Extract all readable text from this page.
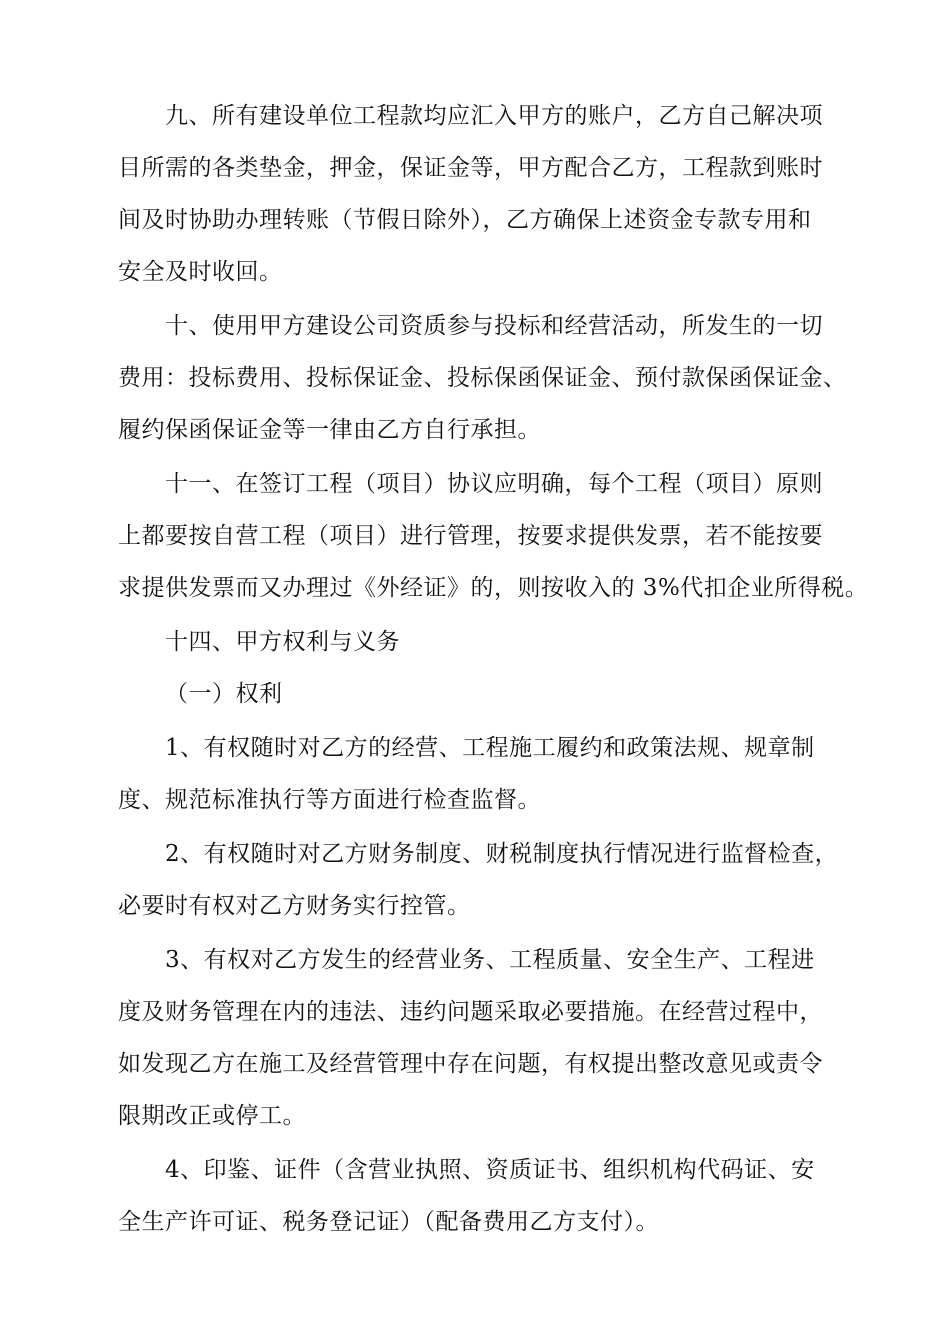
九、所有建设单位工程款均应汇入甲方的账户，乙方自己解决项
目所需的各类垫金，押金，保证金等，甲方配合乙方，工程款到账时
间及时协助办理转账（节假日除外），乙方确保上述资金专款专用和
安全及时收回。
十、使用甲方建设公司资质参与投标和经营活动，所发生的一切
费用：投标费用、投标保证金、投标保函保证金、预付款保函保证金、
履约保函保证金等一律由乙方自行承担。
十一、在签订工程（项目）协议应明确，每个工程（项目）原则
上都要按自营工程（项目）进行管理，按要求提供发票，若不能按要
求提供发票而又办理过《外经证》的，则按收入的 3%代扣企业所得税。
十四、甲方权利与义务
（一）权利
1、有权随时对乙方的经营、工程施工履约和政策法规、规章制
度、规范标准执行等方面进行检查监督。
2、有权随时对乙方财务制度、财税制度执行情况进行监督检查，
必要时有权对乙方财务实行控管。
3、有权对乙方发生的经营业务、工程质量、安全生产、工程进
度及财务管理在内的违法、违约问题采取必要措施。在经营过程中，
如发现乙方在施工及经营管理中存在问题，有权提出整改意见或责令
限期改正或停工。
4、印鉴、证件（含营业执照、资质证书、组织机构代码证、安
全生产许可证、税务登记证）（配备费用乙方支付）。
